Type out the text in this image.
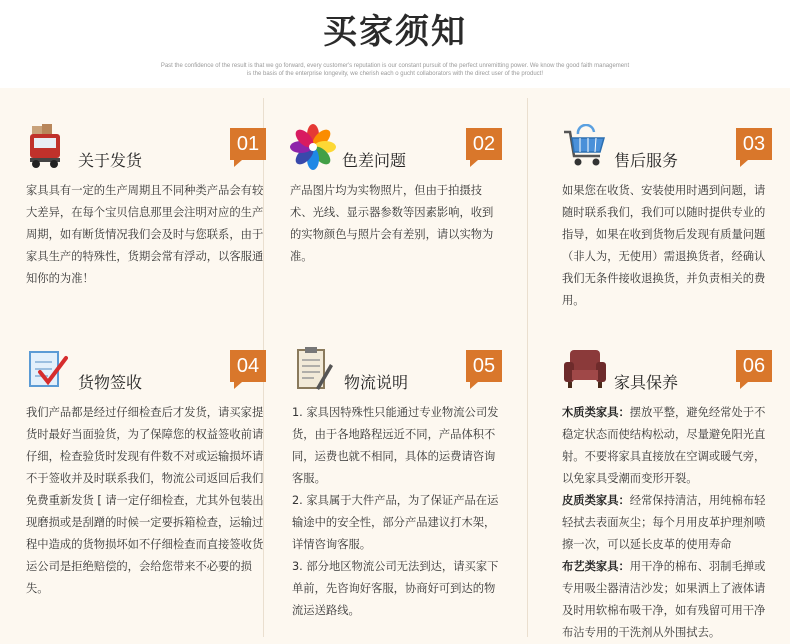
买家须知
Past the confidence of the result is that we go forward, every customer's reputation is our constant pursuit of the perfect unremitting power. We know the good faith management
is the basis of the enterprise longevity, we cherish each o gucht collaborators with the direct user of the product!
关于发货
01

家具具有一定的生产周期且不同种类产品会有较大差异，在每个宝贝信息那里会注明对应的生产周期，如有断货情况我们会及时与您联系，由于家具生产的特殊性，货期会常有浮动，以客服通知你的为准！

色差问题
02

产品图片均为实物照片，但由于拍摄技术、光线、显示器参数等因素影响，收到的实物颜色与照片会有差别，请以实物为准。

售后服务
03

如果您在收货、安装使用时遇到问题，请随时联系我们，我们可以随时提供专业的指导，如果在收到货物后发现有质量问题（非人为，无使用）需退换货者，经确认我们无条件接收退换货，并负责相关的费用。

货物签收
04

我们产品都是经过仔细检查后才发货，请买家提货时最好当面验货，为了保障您的权益签收前请仔细，检查验货时发现有件数不对或运输损坏请不于签收并及时联系我们，物流公司返回后我们免费重新发货 [ 请一定仔细检查，尤其外包装出现磨损或是刮蹭的时候一定要拆箱检查，运输过程中造成的货物损坏如不仔细检查而直接签收货运公司是拒绝赔偿的，会给您带来不必要的损失。

物流说明
05

1. 家具因特殊性只能通过专业物流公司发货，由于各地路程远近不同，产品体积不同，运费也就不相同，具体的运费请咨询客服。

2. 家具属于大件产品，为了保证产品在运输途中的安全性，部分产品建议打木架，详情咨询客服。

3. 部分地区物流公司无法到达，请买家下单前，先咨询好客服，协商好可到达的物流运送路线。

家具保养
06

木质类家具：摆放平整，避免经常处于不稳定状态而使结构松动，尽量避免阳光直射。不要将家具直接放在空调或暖气旁，以免家具受潮而变形开裂。

皮质类家具：经常保持清洁，用纯棉布轻轻拭去表面灰尘；每个月用皮革护理剂喷擦一次，可以延长皮革的使用寿命

布艺类家具：用干净的棉布、羽制毛掸或专用吸尘器清洁沙发；如果洒上了液体请及时用软棉布吸干净，如有残留可用干净布沾专用的干洗剂从外围拭去。
